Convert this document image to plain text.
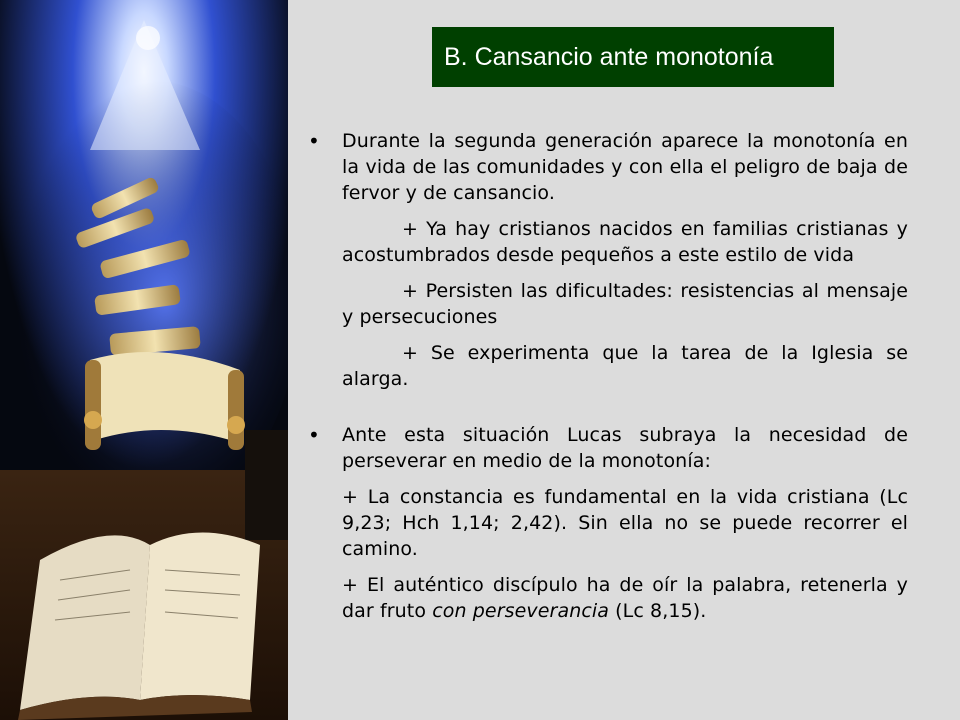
B. Cansancio ante monotonía
• Durante la segunda generación aparece la monotonía en la vida de las comunidades y con ella el peligro de baja de fervor y de cansancio.
+ Ya hay cristianos nacidos en familias cristianas y acostumbrados desde pequeños a este estilo de vida
+ Persisten las dificultades: resistencias al mensaje y persecuciones
+ Se experimenta que la tarea de la Iglesia se alarga.
• Ante esta situación Lucas subraya la necesidad de perseverar en medio de la monotonía:
+ La constancia es fundamental en la vida cristiana (Lc 9,23; Hch 1,14; 2,42). Sin ella no se puede recorrer el camino.
+ El auténtico discípulo ha de oír la palabra, retenerla y dar fruto con perseverancia (Lc 8,15).
